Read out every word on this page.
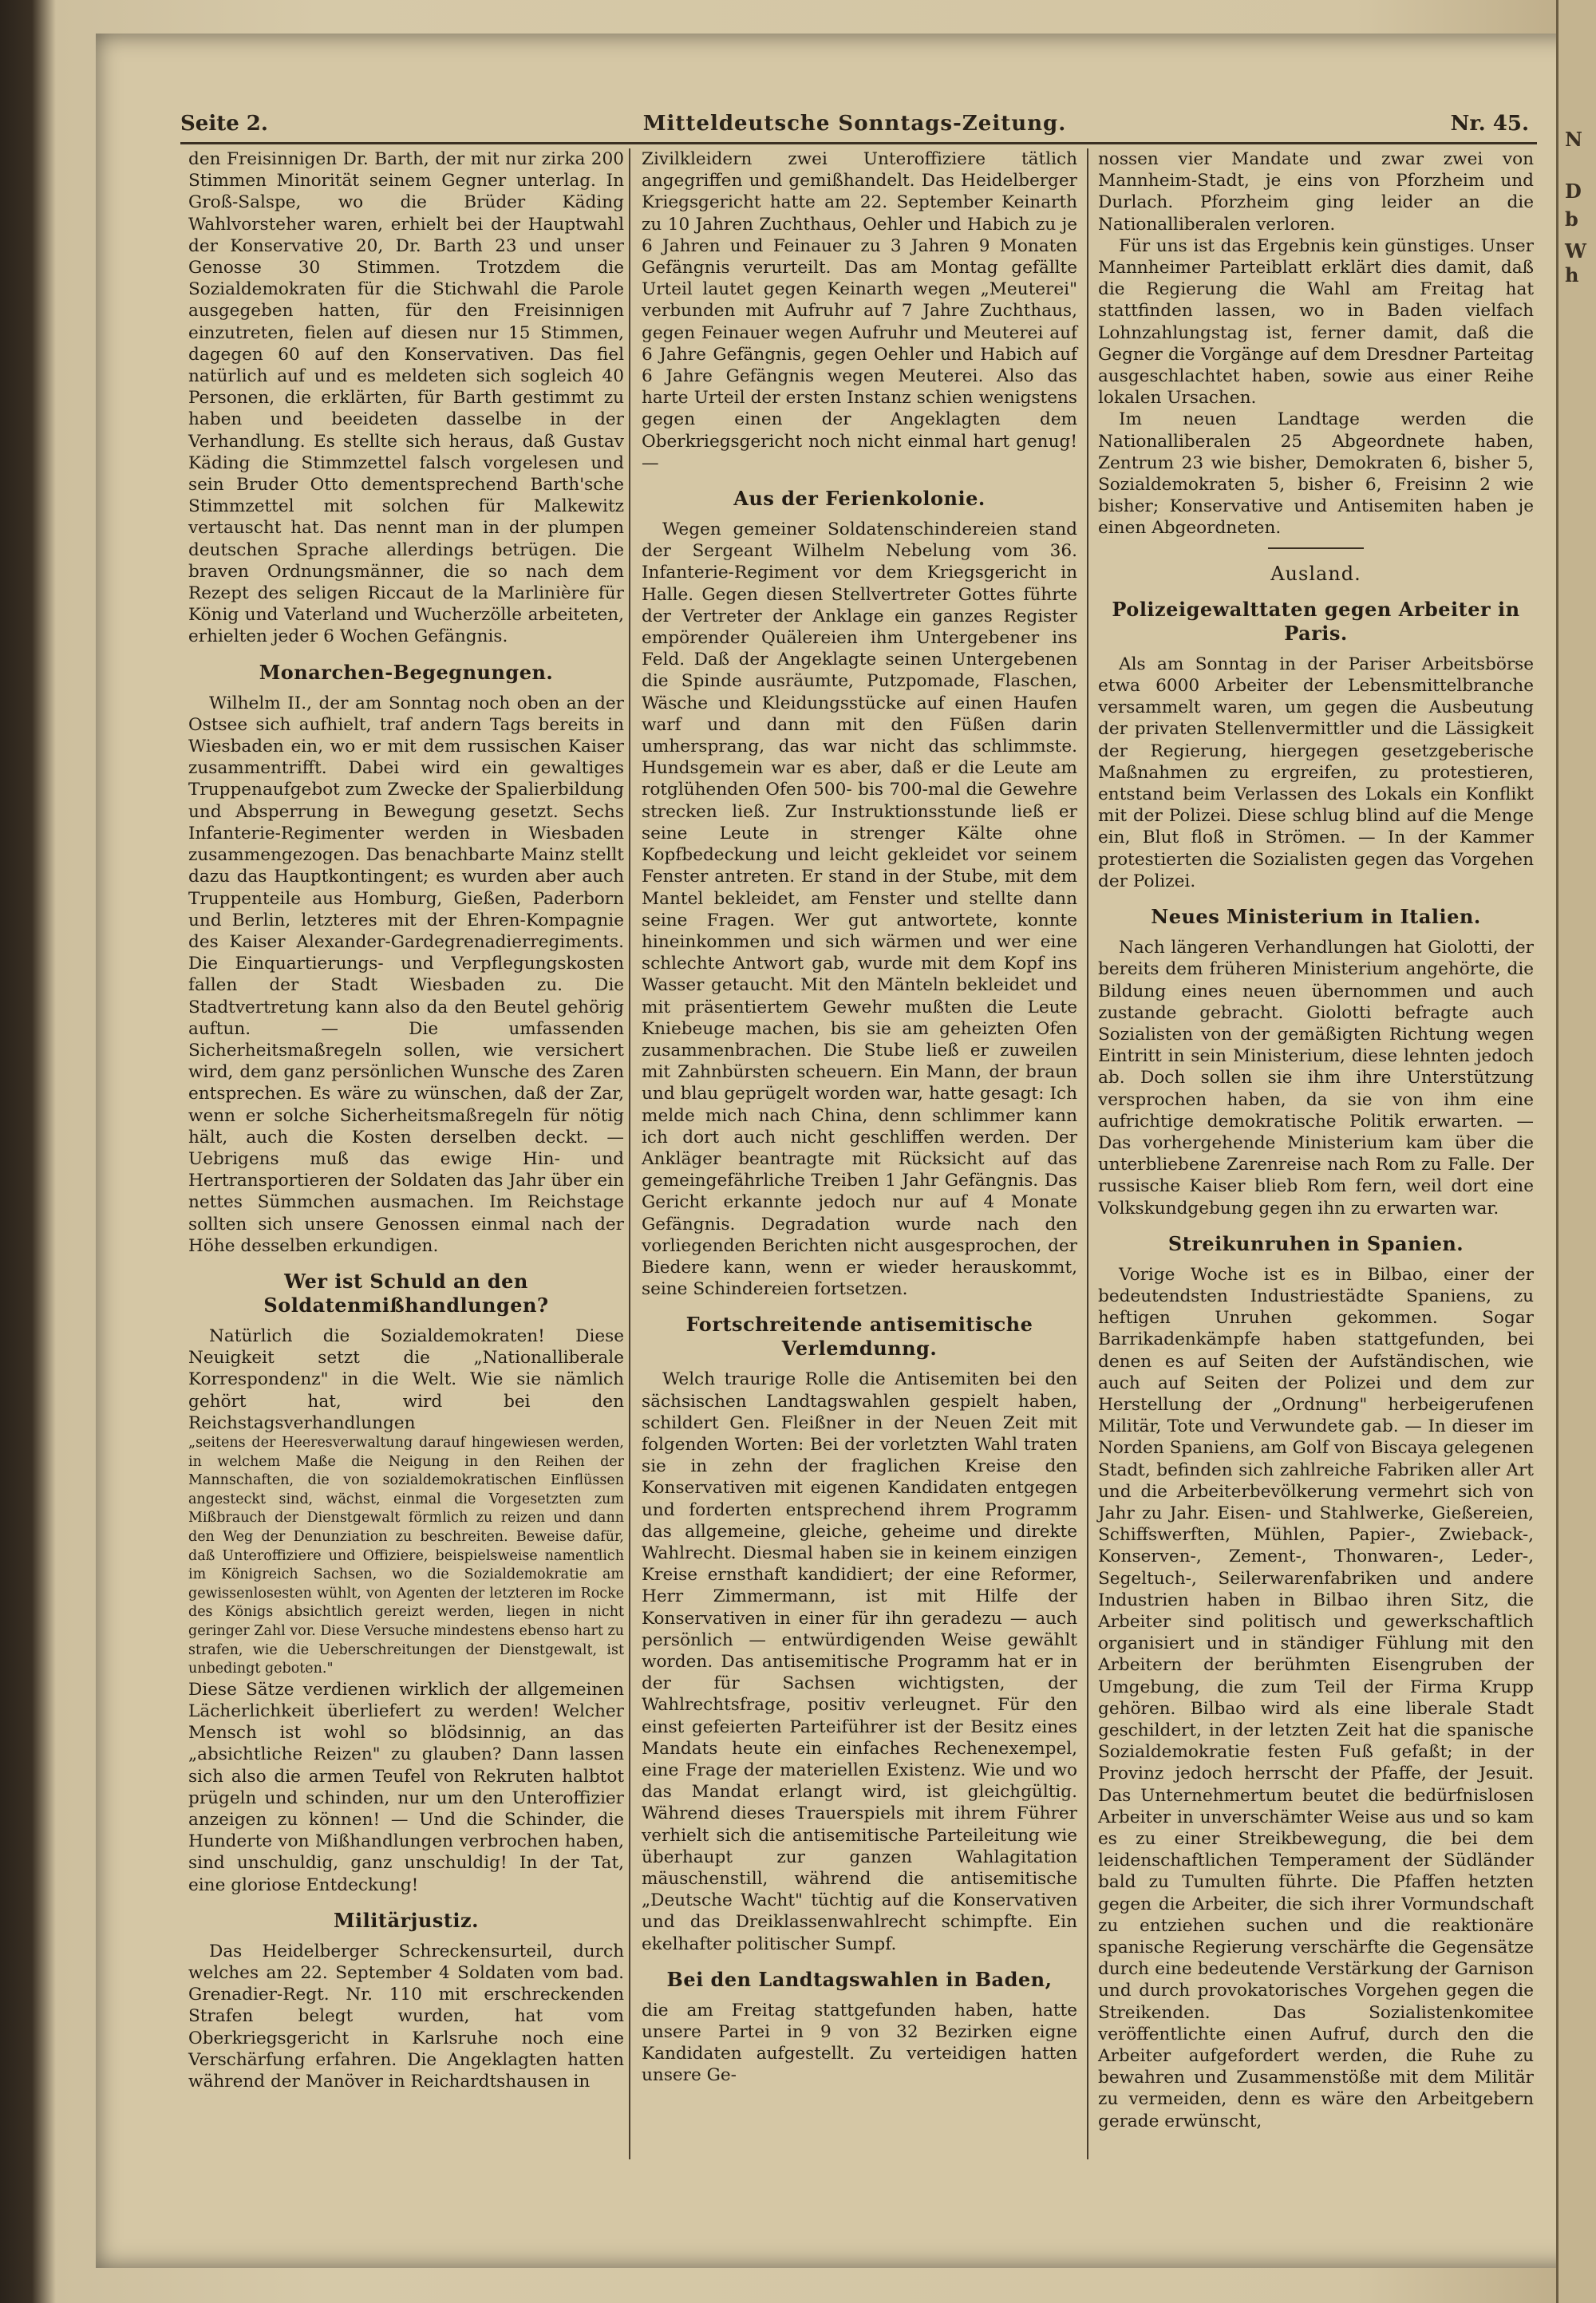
N
D
b
W
h
Seite 2.	Mitteldeutsche Sonntags-Zeitung.	Nr. 45.

den Freisinnigen Dr. Barth, der mit nur zirka 200 Stimmen Minorität seinem Gegner unterlag. In Groß-Salspe, wo die Brüder Käding Wahlvorsteher waren, erhielt bei der Hauptwahl der Konservative 20, Dr. Barth 23 und unser Genosse 30 Stimmen. Trotzdem die Sozialdemokraten für die Stichwahl die Parole ausgegeben hatten, für den Freisinnigen einzutreten, fielen auf diesen nur 15 Stimmen, dagegen 60 auf den Konservativen. Das fiel natürlich auf und es meldeten sich sogleich 40 Personen, die erklärten, für Barth gestimmt zu haben und beeideten dasselbe in der Verhandlung. Es stellte sich heraus, daß Gustav Käding die Stimmzettel falsch vorgelesen und sein Bruder Otto dementsprechend Barth'sche Stimmzettel mit solchen für Malkewitz vertauscht hat. Das nennt man in der plumpen deutschen Sprache allerdings betrügen. Die braven Ordnungsmänner, die so nach dem Rezept des seligen Riccaut de la Marlinière für König und Vaterland und Wucherzölle arbeiteten, erhielten jeder 6 Wochen Gefängnis.

Monarchen-Begegnungen.

Wilhelm II., der am Sonntag noch oben an der Ostsee sich aufhielt, traf andern Tags bereits in Wiesbaden ein, wo er mit dem russischen Kaiser zusammentrifft. Dabei wird ein gewaltiges Truppenaufgebot zum Zwecke der Spalierbildung und Absperrung in Bewegung gesetzt. Sechs Infanterie-Regimenter werden in Wiesbaden zusammengezogen. Das benachbarte Mainz stellt dazu das Hauptkontingent; es wurden aber auch Truppenteile aus Homburg, Gießen, Paderborn und Berlin, letzteres mit der Ehren-Kompagnie des Kaiser Alexander-Gardegrenadierregiments. Die Einquartierungs- und Verpflegungskosten fallen der Stadt Wiesbaden zu. Die Stadtvertretung kann also da den Beutel gehörig auftun. — Die umfassenden Sicherheitsmaßregeln sollen, wie versichert wird, dem ganz persönlichen Wunsche des Zaren entsprechen. Es wäre zu wünschen, daß der Zar, wenn er solche Sicherheitsmaßregeln für nötig hält, auch die Kosten derselben deckt. — Uebrigens muß das ewige Hin- und Hertransportieren der Soldaten das Jahr über ein nettes Sümmchen ausmachen. Im Reichstage sollten sich unsere Genossen einmal nach der Höhe desselben erkundigen.

Wer ist Schuld an den Soldatenmißhandlungen?

Natürlich die Sozialdemokraten! Diese Neuigkeit setzt die „Nationalliberale Korrespondenz" in die Welt. Wie sie nämlich gehört hat, wird bei den Reichstagsverhandlungen

„seitens der Heeresverwaltung darauf hingewiesen werden, in welchem Maße die Neigung in den Reihen der Mannschaften, die von sozialdemokratischen Einflüssen angesteckt sind, wächst, einmal die Vorgesetzten zum Mißbrauch der Dienstgewalt förmlich zu reizen und dann den Weg der Denunziation zu beschreiten. Beweise dafür, daß Unteroffiziere und Offiziere, beispielsweise namentlich im Königreich Sachsen, wo die Sozialdemokratie am gewissenlosesten wühlt, von Agenten der letzteren im Rocke des Königs absichtlich gereizt werden, liegen in nicht geringer Zahl vor. Diese Versuche mindestens ebenso hart zu strafen, wie die Ueberschreitungen der Dienstgewalt, ist unbedingt geboten."

Diese Sätze verdienen wirklich der allgemeinen Lächerlichkeit überliefert zu werden! Welcher Mensch ist wohl so blödsinnig, an das „absichtliche Reizen" zu glauben? Dann lassen sich also die armen Teufel von Rekruten halbtot prügeln und schinden, nur um den Unteroffizier anzeigen zu können! — Und die Schinder, die Hunderte von Mißhandlungen verbrochen haben, sind unschuldig, ganz unschuldig! In der Tat, eine gloriose Entdeckung!

Militärjustiz.

Das Heidelberger Schreckensurteil, durch welches am 22. September 4 Soldaten vom bad. Grenadier-Regt. Nr. 110 mit erschreckenden Strafen belegt wurden, hat vom Oberkriegsgericht in Karlsruhe noch eine Verschärfung erfahren. Die Angeklagten hatten während der Manöver in Reichardtshausen in

Zivilkleidern zwei Unteroffiziere tätlich angegriffen und gemißhandelt. Das Heidelberger Kriegsgericht hatte am 22. September Keinarth zu 10 Jahren Zuchthaus, Oehler und Habich zu je 6 Jahren und Feinauer zu 3 Jahren 9 Monaten Gefängnis verurteilt. Das am Montag gefällte Urteil lautet gegen Keinarth wegen „Meuterei" verbunden mit Aufruhr auf 7 Jahre Zuchthaus, gegen Feinauer wegen Aufruhr und Meuterei auf 6 Jahre Gefängnis, gegen Oehler und Habich auf 6 Jahre Gefängnis wegen Meuterei. Also das harte Urteil der ersten Instanz schien wenigstens gegen einen der Angeklagten dem Oberkriegsgericht noch nicht einmal hart genug! —

Aus der Ferienkolonie.

Wegen gemeiner Soldatenschindereien stand der Sergeant Wilhelm Nebelung vom 36. Infanterie-Regiment vor dem Kriegsgericht in Halle. Gegen diesen Stellvertreter Gottes führte der Vertreter der Anklage ein ganzes Register empörender Quälereien ihm Untergebener ins Feld. Daß der Angeklagte seinen Untergebenen die Spinde ausräumte, Putzpomade, Flaschen, Wäsche und Kleidungsstücke auf einen Haufen warf und dann mit den Füßen darin umhersprang, das war nicht das schlimmste. Hundsgemein war es aber, daß er die Leute am rotglühenden Ofen 500- bis 700-mal die Gewehre strecken ließ. Zur Instruktionsstunde ließ er seine Leute in strenger Kälte ohne Kopfbedeckung und leicht gekleidet vor seinem Fenster antreten. Er stand in der Stube, mit dem Mantel bekleidet, am Fenster und stellte dann seine Fragen. Wer gut antwortete, konnte hineinkommen und sich wärmen und wer eine schlechte Antwort gab, wurde mit dem Kopf ins Wasser getaucht. Mit den Mänteln bekleidet und mit präsentiertem Gewehr mußten die Leute Kniebeuge machen, bis sie am geheizten Ofen zusammenbrachen. Die Stube ließ er zuweilen mit Zahnbürsten scheuern. Ein Mann, der braun und blau geprügelt worden war, hatte gesagt: Ich melde mich nach China, denn schlimmer kann ich dort auch nicht geschliffen werden. Der Ankläger beantragte mit Rücksicht auf das gemeingefährliche Treiben 1 Jahr Gefängnis. Das Gericht erkannte jedoch nur auf 4 Monate Gefängnis. Degradation wurde nach den vorliegenden Berichten nicht ausgesprochen, der Biedere kann, wenn er wieder herauskommt, seine Schindereien fortsetzen.

Fortschreitende antisemitische Verlemdunng.

Welch traurige Rolle die Antisemiten bei den sächsischen Landtagswahlen gespielt haben, schildert Gen. Fleißner in der Neuen Zeit mit folgenden Worten: Bei der vorletzten Wahl traten sie in zehn der fraglichen Kreise den Konservativen mit eigenen Kandidaten entgegen und forderten entsprechend ihrem Programm das allgemeine, gleiche, geheime und direkte Wahlrecht. Diesmal haben sie in keinem einzigen Kreise ernsthaft kandidiert; der eine Reformer, Herr Zimmermann, ist mit Hilfe der Konservativen in einer für ihn geradezu — auch persönlich — entwürdigenden Weise gewählt worden. Das antisemitische Programm hat er in der für Sachsen wichtigsten, der Wahlrechtsfrage, positiv verleugnet. Für den einst gefeierten Parteiführer ist der Besitz eines Mandats heute ein einfaches Rechenexempel, eine Frage der materiellen Existenz. Wie und wo das Mandat erlangt wird, ist gleichgültig. Während dieses Trauerspiels mit ihrem Führer verhielt sich die antisemitische Parteileitung wie überhaupt zur ganzen Wahlagitation mäuschenstill, während die antisemitische „Deutsche Wacht" tüchtig auf die Konservativen und das Dreiklassenwahlrecht schimpfte. Ein ekelhafter politischer Sumpf.

Bei den Landtagswahlen in Baden,

die am Freitag stattgefunden haben, hatte unsere Partei in 9 von 32 Bezirken eigne Kandidaten aufgestellt. Zu verteidigen hatten unsere Ge-

nossen vier Mandate und zwar zwei von Mannheim-Stadt, je eins von Pforzheim und Durlach. Pforzheim ging leider an die Nationalliberalen verloren.

Für uns ist das Ergebnis kein günstiges. Unser Mannheimer Parteiblatt erklärt dies damit, daß die Regierung die Wahl am Freitag hat stattfinden lassen, wo in Baden vielfach Lohnzahlungstag ist, ferner damit, daß die Gegner die Vorgänge auf dem Dresdner Parteitag ausgeschlachtet haben, sowie aus einer Reihe lokalen Ursachen.

Im neuen Landtage werden die Nationalliberalen 25 Abgeordnete haben, Zentrum 23 wie bisher, Demokraten 6, bisher 5, Sozialdemokraten 5, bisher 6, Freisinn 2 wie bisher; Konservative und Antisemiten haben je einen Abgeordneten.

Ausland.
Polizeigewalttaten gegen Arbeiter in Paris.

Als am Sonntag in der Pariser Arbeitsbörse etwa 6000 Arbeiter der Lebensmittelbranche versammelt waren, um gegen die Ausbeutung der privaten Stellenvermittler und die Lässigkeit der Regierung, hiergegen gesetzgeberische Maßnahmen zu ergreifen, zu protestieren, entstand beim Verlassen des Lokals ein Konflikt mit der Polizei. Diese schlug blind auf die Menge ein, Blut floß in Strömen. — In der Kammer protestierten die Sozialisten gegen das Vorgehen der Polizei.

Neues Ministerium in Italien.

Nach längeren Verhandlungen hat Giolotti, der bereits dem früheren Ministerium angehörte, die Bildung eines neuen übernommen und auch zustande gebracht. Giolotti befragte auch Sozialisten von der gemäßigten Richtung wegen Eintritt in sein Ministerium, diese lehnten jedoch ab. Doch sollen sie ihm ihre Unterstützung versprochen haben, da sie von ihm eine aufrichtige demokratische Politik erwarten. — Das vorhergehende Ministerium kam über die unterbliebene Zarenreise nach Rom zu Falle. Der russische Kaiser blieb Rom fern, weil dort eine Volkskundgebung gegen ihn zu erwarten war.

Streikunruhen in Spanien.

Vorige Woche ist es in Bilbao, einer der bedeutendsten Industriestädte Spaniens, zu heftigen Unruhen gekommen. Sogar Barrikadenkämpfe haben stattgefunden, bei denen es auf Seiten der Aufständischen, wie auch auf Seiten der Polizei und dem zur Herstellung der „Ordnung" herbeigerufenen Militär, Tote und Verwundete gab. — In dieser im Norden Spaniens, am Golf von Biscaya gelegenen Stadt, befinden sich zahlreiche Fabriken aller Art und die Arbeiterbevölkerung vermehrt sich von Jahr zu Jahr. Eisen- und Stahlwerke, Gießereien, Schiffswerften, Mühlen, Papier-, Zwieback-, Konserven-, Zement-, Thonwaren-, Leder-, Segeltuch-, Seilerwarenfabriken und andere Industrien haben in Bilbao ihren Sitz, die Arbeiter sind politisch und gewerkschaftlich organisiert und in ständiger Fühlung mit den Arbeitern der berühmten Eisengruben der Umgebung, die zum Teil der Firma Krupp gehören. Bilbao wird als eine liberale Stadt geschildert, in der letzten Zeit hat die spanische Sozialdemokratie festen Fuß gefaßt; in der Provinz jedoch herrscht der Pfaffe, der Jesuit. Das Unternehmertum beutet die bedürfnislosen Arbeiter in unverschämter Weise aus und so kam es zu einer Streikbewegung, die bei dem leidenschaftlichen Temperament der Südländer bald zu Tumulten führte. Die Pfaffen hetzten gegen die Arbeiter, die sich ihrer Vormundschaft zu entziehen suchen und die reaktionäre spanische Regierung verschärfte die Gegensätze durch eine bedeutende Verstärkung der Garnison und durch provokatorisches Vorgehen gegen die Streikenden. Das Sozialistenkomitee veröffentlichte einen Aufruf, durch den die Arbeiter aufgefordert werden, die Ruhe zu bewahren und Zusammenstöße mit dem Militär zu vermeiden, denn es wäre den Arbeitgebern gerade erwünscht,
